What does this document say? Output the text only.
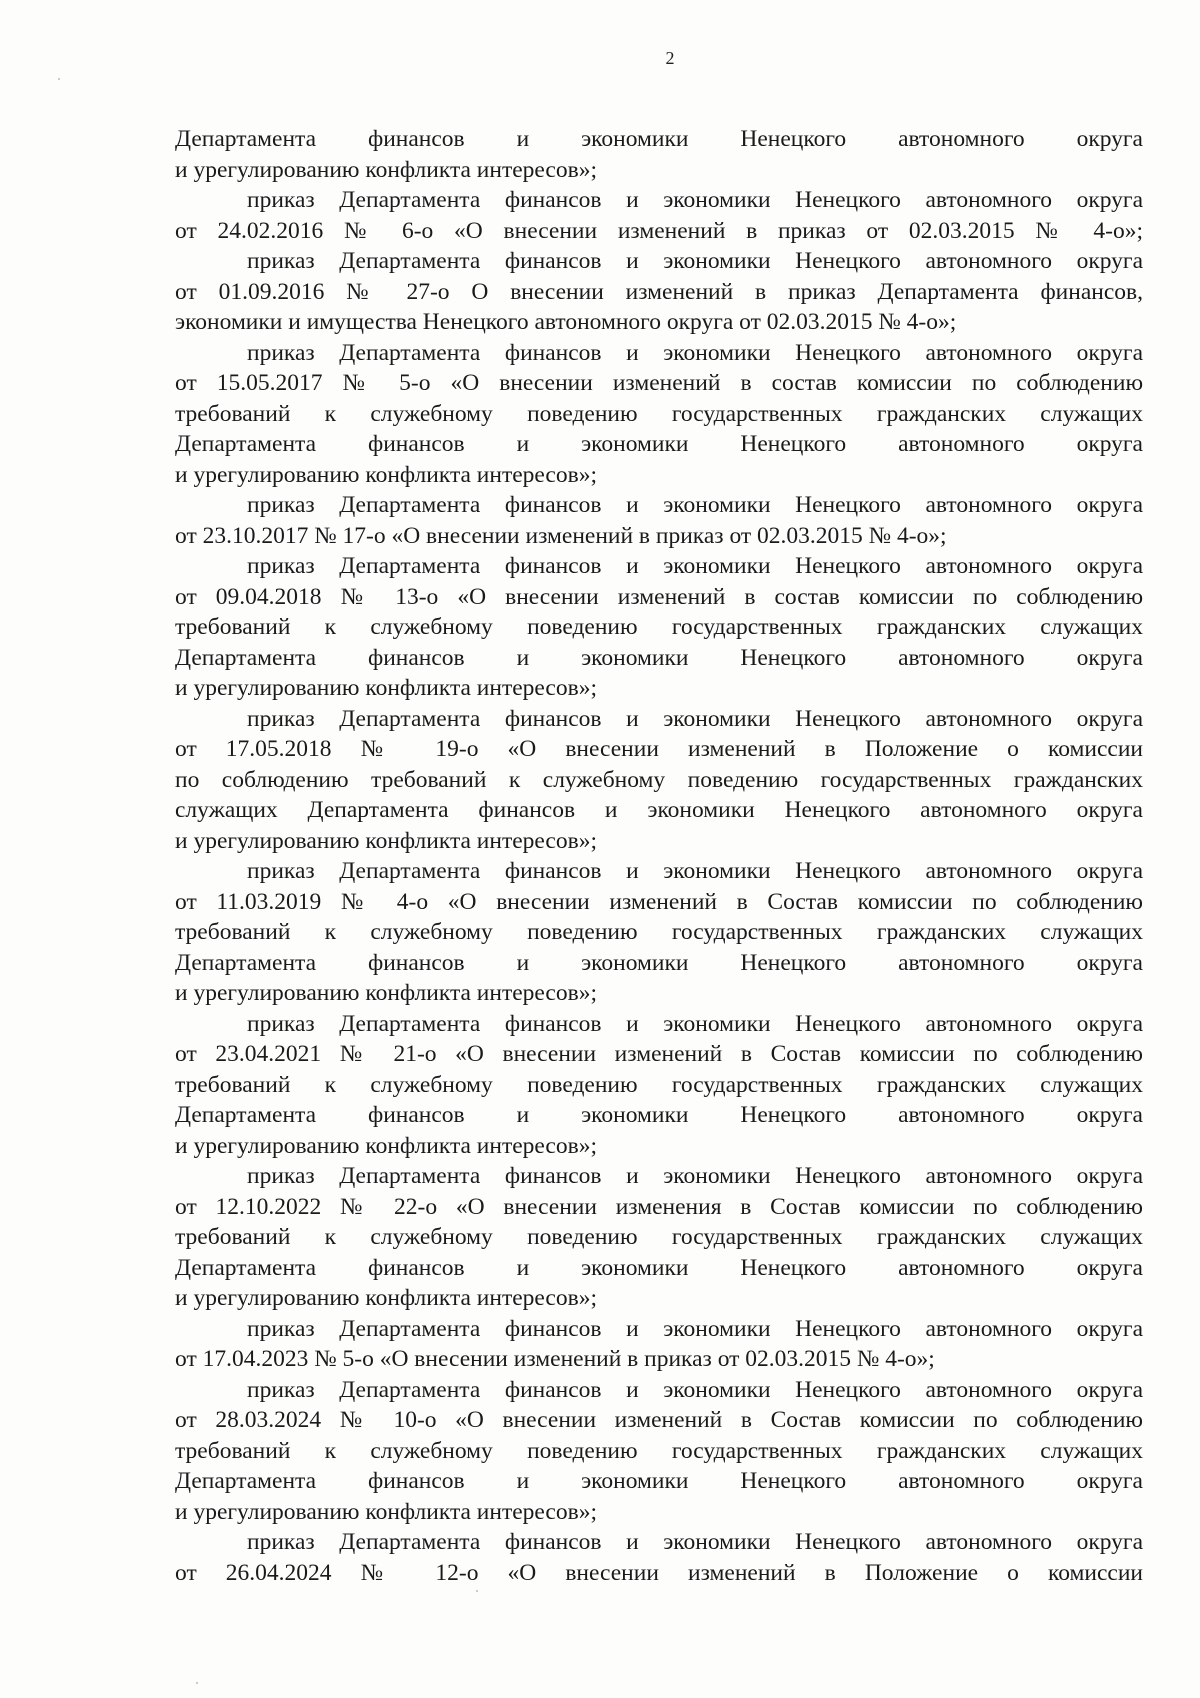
2
Департамента финансов и экономики Ненецкого автономного округа
и урегулированию конфликта интересов»;
приказ Департамента финансов и экономики Ненецкого автономного округа
от 24.02.2016 № 6-о «О внесении изменений в приказ от 02.03.2015 № 4-о»;
приказ Департамента финансов и экономики Ненецкого автономного округа
от 01.09.2016 № 27-о О внесении изменений в приказ Департамента финансов,
экономики и имущества Ненецкого автономного округа от 02.03.2015 № 4-о»;
приказ Департамента финансов и экономики Ненецкого автономного округа
от 15.05.2017 № 5-о «О внесении изменений в состав комиссии по соблюдению
требований к служебному поведению государственных гражданских служащих
Департамента финансов и экономики Ненецкого автономного округа
и урегулированию конфликта интересов»;
приказ Департамента финансов и экономики Ненецкого автономного округа
от 23.10.2017 № 17-о «О внесении изменений в приказ от 02.03.2015 № 4-о»;
приказ Департамента финансов и экономики Ненецкого автономного округа
от 09.04.2018 № 13-о «О внесении изменений в состав комиссии по соблюдению
требований к служебному поведению государственных гражданских служащих
Департамента финансов и экономики Ненецкого автономного округа
и урегулированию конфликта интересов»;
приказ Департамента финансов и экономики Ненецкого автономного округа
от 17.05.2018 № 19-о «О внесении изменений в Положение о комиссии
по соблюдению требований к служебному поведению государственных гражданских
служащих Департамента финансов и экономики Ненецкого автономного округа
и урегулированию конфликта интересов»;
приказ Департамента финансов и экономики Ненецкого автономного округа
от 11.03.2019 № 4-о «О внесении изменений в Состав комиссии по соблюдению
требований к служебному поведению государственных гражданских служащих
Департамента финансов и экономики Ненецкого автономного округа
и урегулированию конфликта интересов»;
приказ Департамента финансов и экономики Ненецкого автономного округа
от 23.04.2021 № 21-о «О внесении изменений в Состав комиссии по соблюдению
требований к служебному поведению государственных гражданских служащих
Департамента финансов и экономики Ненецкого автономного округа
и урегулированию конфликта интересов»;
приказ Департамента финансов и экономики Ненецкого автономного округа
от 12.10.2022 № 22-о «О внесении изменения в Состав комиссии по соблюдению
требований к служебному поведению государственных гражданских служащих
Департамента финансов и экономики Ненецкого автономного округа
и урегулированию конфликта интересов»;
приказ Департамента финансов и экономики Ненецкого автономного округа
от 17.04.2023 № 5-о «О внесении изменений в приказ от 02.03.2015 № 4-о»;
приказ Департамента финансов и экономики Ненецкого автономного округа
от 28.03.2024 № 10-о «О внесении изменений в Состав комиссии по соблюдению
требований к служебному поведению государственных гражданских служащих
Департамента финансов и экономики Ненецкого автономного округа
и урегулированию конфликта интересов»;
приказ Департамента финансов и экономики Ненецкого автономного округа
от 26.04.2024 № 12-о «О внесении изменений в Положение о комиссии
